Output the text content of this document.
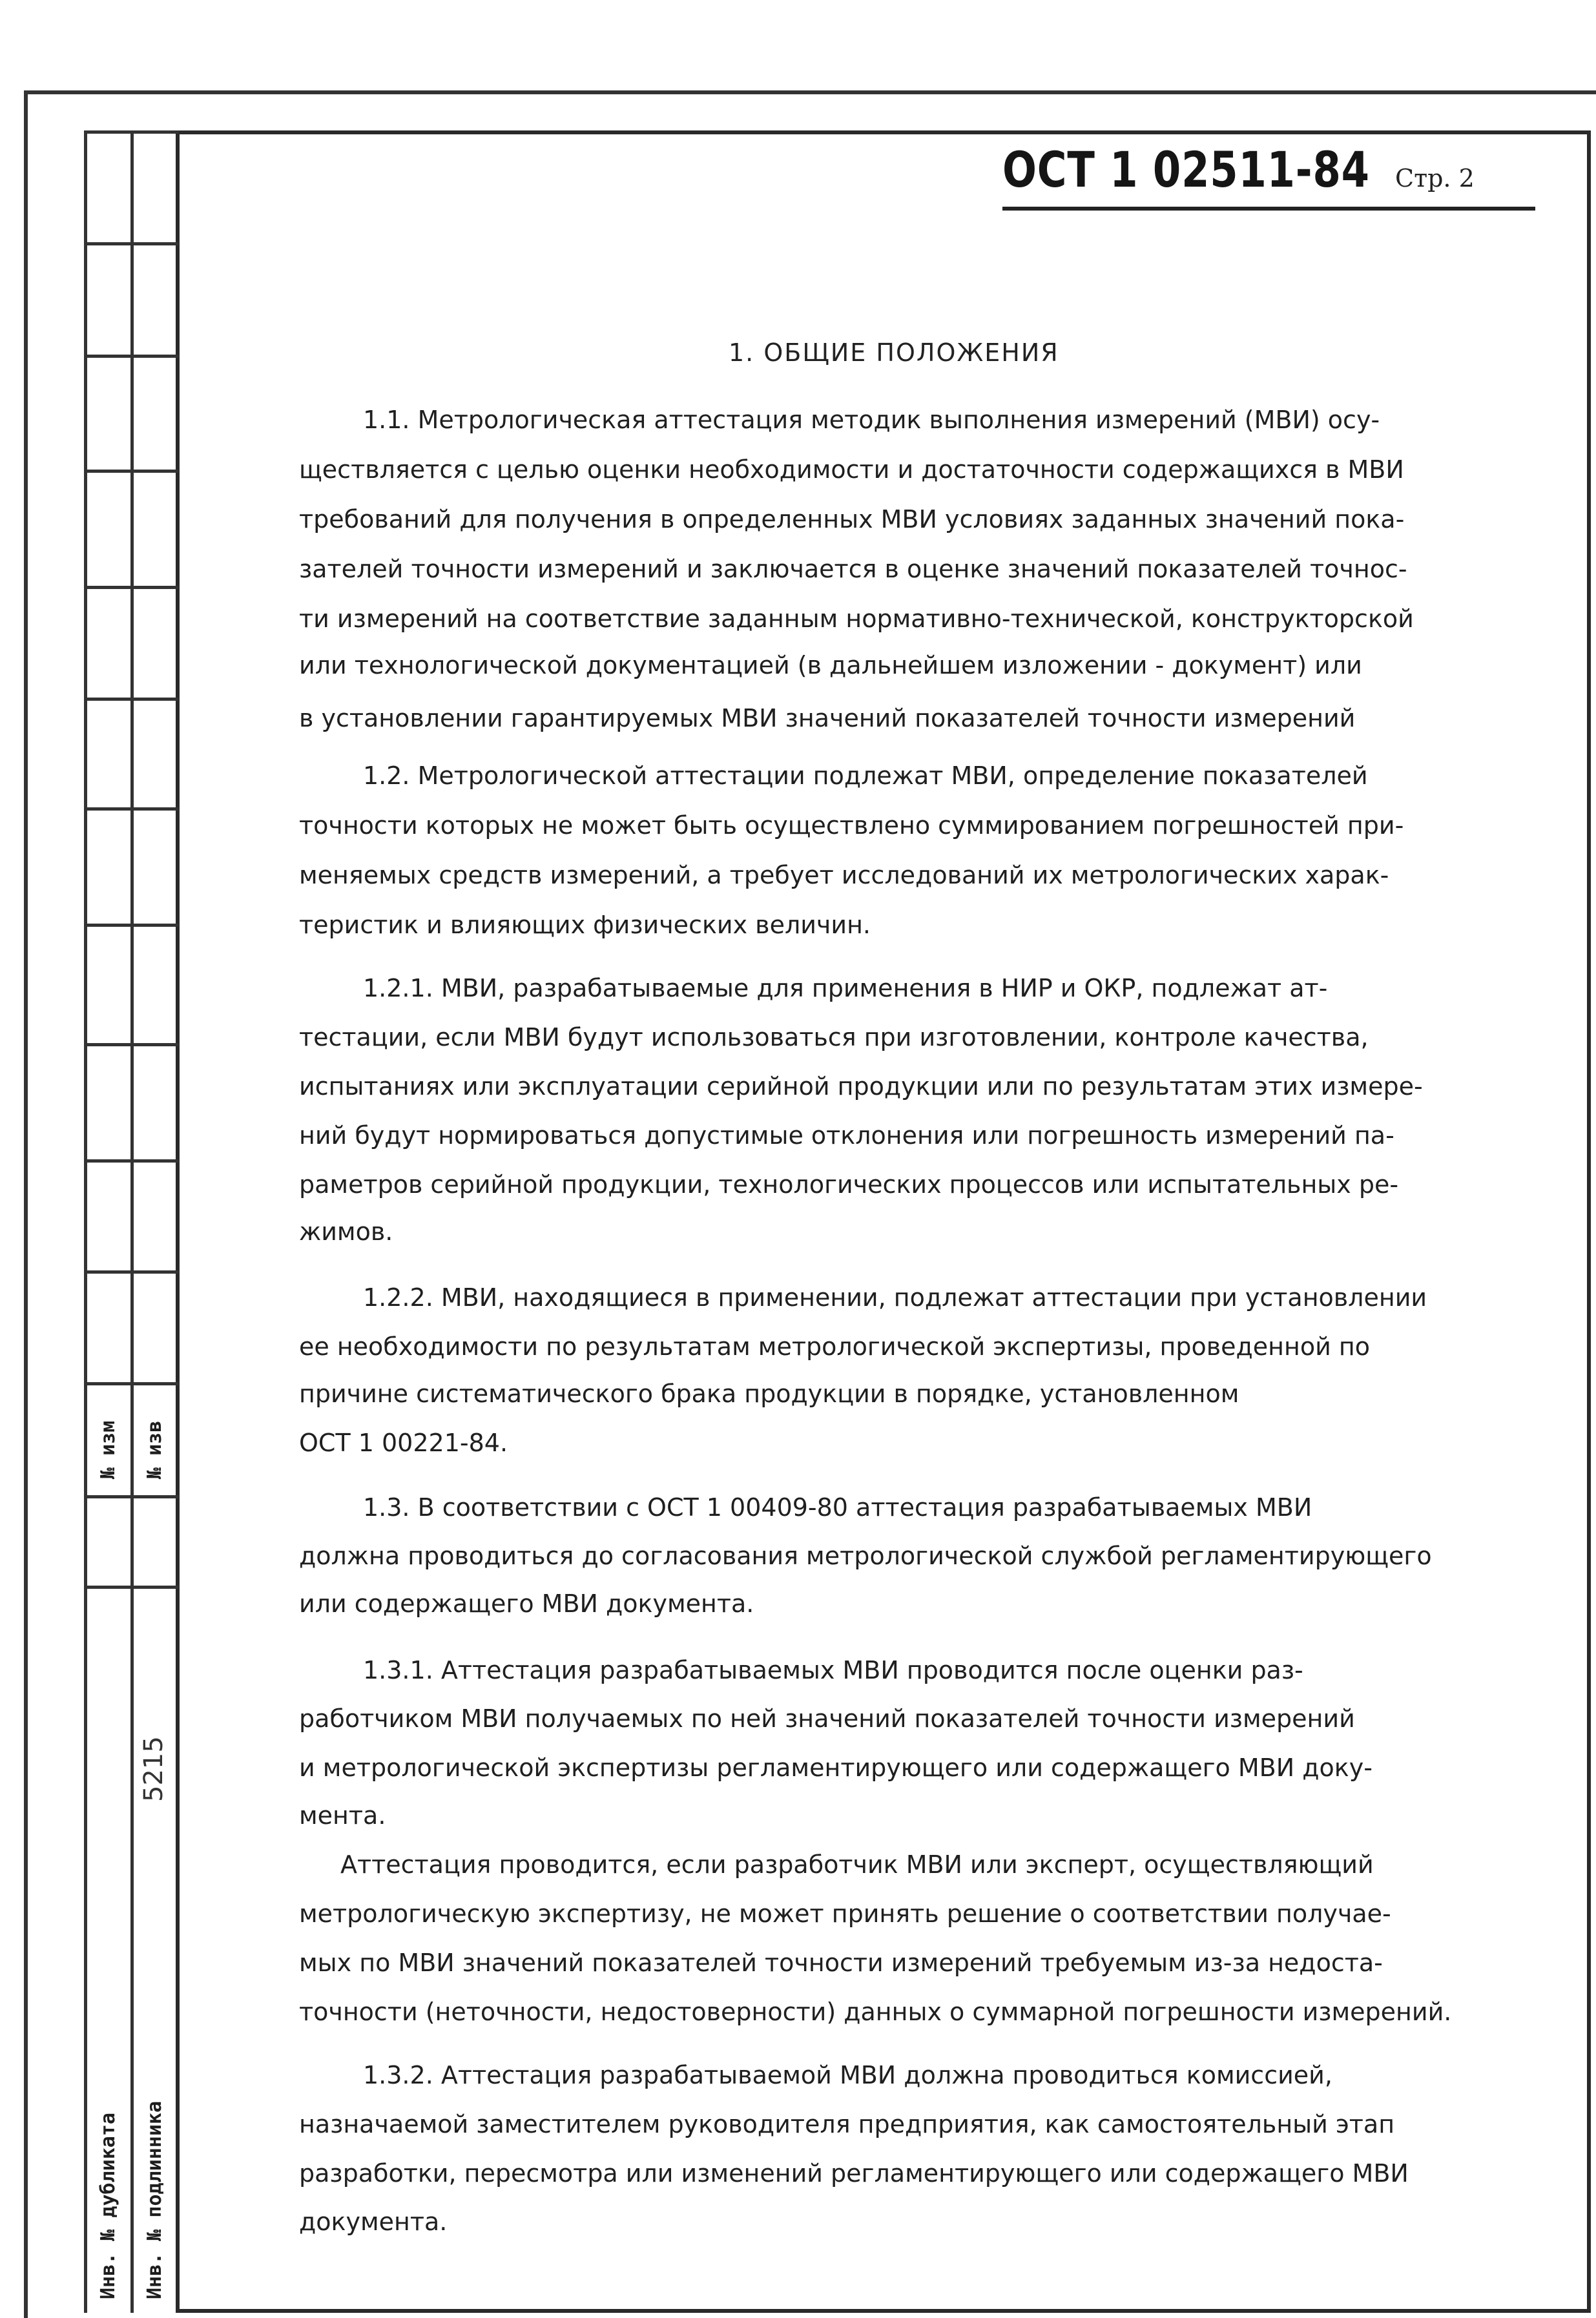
№ изм № изв
5215
Инв. № дубликата Инв. № подлинника
ОСТ 1 02511-84 Стр. 2
1. ОБЩИЕ ПОЛОЖЕНИЯ
1.1. Метрологическая аттестация методик выполнения измерений (МВИ) осу-
ществляется с целью оценки необходимости и достаточности содержащихся в МВИ
требований для получения в определенных МВИ условиях заданных значений пока-
зателей точности измерений и заключается в оценке значений показателей точнос-
ти измерений на соответствие заданным нормативно-технической, конструкторской
или технологической документацией (в дальнейшем изложении - документ) или
в установлении гарантируемых МВИ значений показателей точности измерений
1.2. Метрологической аттестации подлежат МВИ, определение показателей
точности которых не может быть осуществлено суммированием погрешностей при-
меняемых средств измерений, а требует исследований их метрологических харак-
теристик и влияющих физических величин.
1.2.1. МВИ, разрабатываемые для применения в НИР и ОКР, подлежат ат-
тестации, если МВИ будут использоваться при изготовлении, контроле качества,
испытаниях или эксплуатации серийной продукции или по результатам этих измере-
ний будут нормироваться допустимые отклонения или погрешность измерений па-
раметров серийной продукции, технологических процессов или испытательных ре-
жимов.
1.2.2. МВИ, находящиеся в применении, подлежат аттестации при установлении
ее необходимости по результатам метрологической экспертизы, проведенной по
причине систематического брака продукции в порядке, установленном
ОСТ 1 00221-84.
1.3. В соответствии с ОСТ 1 00409-80 аттестация разрабатываемых МВИ
должна проводиться до согласования метрологической службой регламентирующего
или содержащего МВИ документа.
1.3.1. Аттестация разрабатываемых МВИ проводится после оценки раз-
работчиком МВИ получаемых по ней значений показателей точности измерений
и метрологической экспертизы регламентирующего или содержащего МВИ доку-
мента.
Аттестация проводится, если разработчик МВИ или эксперт, осуществляющий
метрологическую экспертизу, не может принять решение о соответствии получае-
мых по МВИ значений показателей точности измерений требуемым из-за недоста-
точности (неточности, недостоверности) данных о суммарной погрешности измерений.
1.3.2. Аттестация разрабатываемой МВИ должна проводиться комиссией,
назначаемой заместителем руководителя предприятия, как самостоятельный этап
разработки, пересмотра или изменений регламентирующего или содержащего МВИ
документа.
